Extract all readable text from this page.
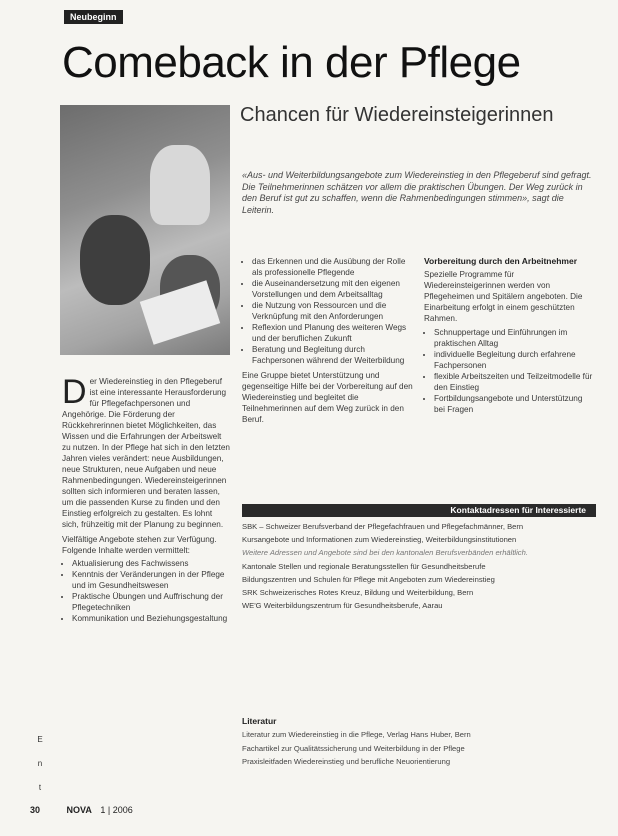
Neubeginn
Comeback in der Pflege
Chancen für Wiedereinsteigerinnen
«Aus- und Weiterbildungsangebote zum Wiedereinstieg in den Pflegeberuf sind gefragt. Die Teilnehmerinnen schätzen vor allem die praktischen Übungen. Der Weg zurück in den Beruf ist gut zu schaffen, wenn die Rahmenbedingungen stimmen», sagt die Leiterin.
D er Wiedereinstieg in den Pflegeberuf ist eine interessante Herausforderung für Pflegefachpersonen und Angehörige. Die Förderung der Rückkehrerinnen bietet Möglichkeiten, das Wissen und die Erfahrungen der Arbeitswelt zu nutzen. In der Pflege hat sich in den letzten Jahren vieles verändert: neue Ausbildungen, neue Strukturen, neue Aufgaben und neue Rahmenbedingungen. Wiedereinsteigerinnen sollten sich informieren und beraten lassen, um die passenden Kurse zu finden und den Einstieg erfolgreich zu gestalten. Es lohnt sich, frühzeitig mit der Planung zu beginnen.

Vielfältige Angebote stehen zur Verfügung. Folgende Inhalte werden vermittelt:

• Aktualisierung des Fachwissens
• Kenntnis der Veränderungen in der Pflege und im Gesundheitswesen
• Praktische Übungen und Auffrischung der Pflegetechniken
• Kommunikation und Beziehungsgestaltung
• das Erkennen und die Ausübung der Rolle als professionelle Pflegende
• die Auseinandersetzung mit den eigenen Vorstellungen und dem Arbeitsalltag
• die Nutzung von Ressourcen und die Verknüpfung mit den Anforderungen
• Reflexion und Planung des weiteren Wegs und der beruflichen Zukunft
• Beratung und Begleitung durch Fachpersonen während der Weiterbildung

Eine Gruppe bietet Unterstützung und gegenseitige Hilfe bei der Vorbereitung auf den Wiedereinstieg und begleitet die Teilnehmerinnen auf dem Weg zurück in den Beruf.

Vorbereitung durch den Arbeitnehmer

Spezielle Programme für Wiedereinsteigerinnen werden von Pflegeheimen und Spitälern angeboten. Die Einarbeitung erfolgt in einem geschützten Rahmen.

• Schnuppertage und Einführungen im praktischen Alltag
• individuelle Begleitung durch erfahrene Fachpersonen
• flexible Arbeitszeiten und Teilzeitmodelle für den Einstieg
• Fortbildungsangebote und Unterstützung bei Fragen
Kontaktadressen für Interessierte

SBK – Schweizer Berufsverband der Pflegefachfrauen und Pflegefachmänner, Bern

Kursangebote und Informationen zum Wiedereinstieg, Weiterbildungsinstitutionen

Weitere Adressen und Angebote sind bei den kantonalen Berufsverbänden erhältlich.

Kantonale Stellen und regionale Beratungsstellen für Gesundheitsberufe

Bildungszentren und Schulen für Pflege mit Angeboten zum Wiedereinstieg

SRK Schweizerisches Rotes Kreuz, Bildung und Weiterbildung, Bern

WE'G Weiterbildungszentrum für Gesundheitsberufe, Aarau

Literatur

Literatur zum Wiedereinstieg in die Pflege, Verlag Hans Huber, Bern

Fachartikel zur Qualitätssicherung und Weiterbildung in der Pflege

Praxisleitfaden Wiedereinstieg und berufliche Neuorientierung

E
n
t
30	NOVA 1 | 2006
